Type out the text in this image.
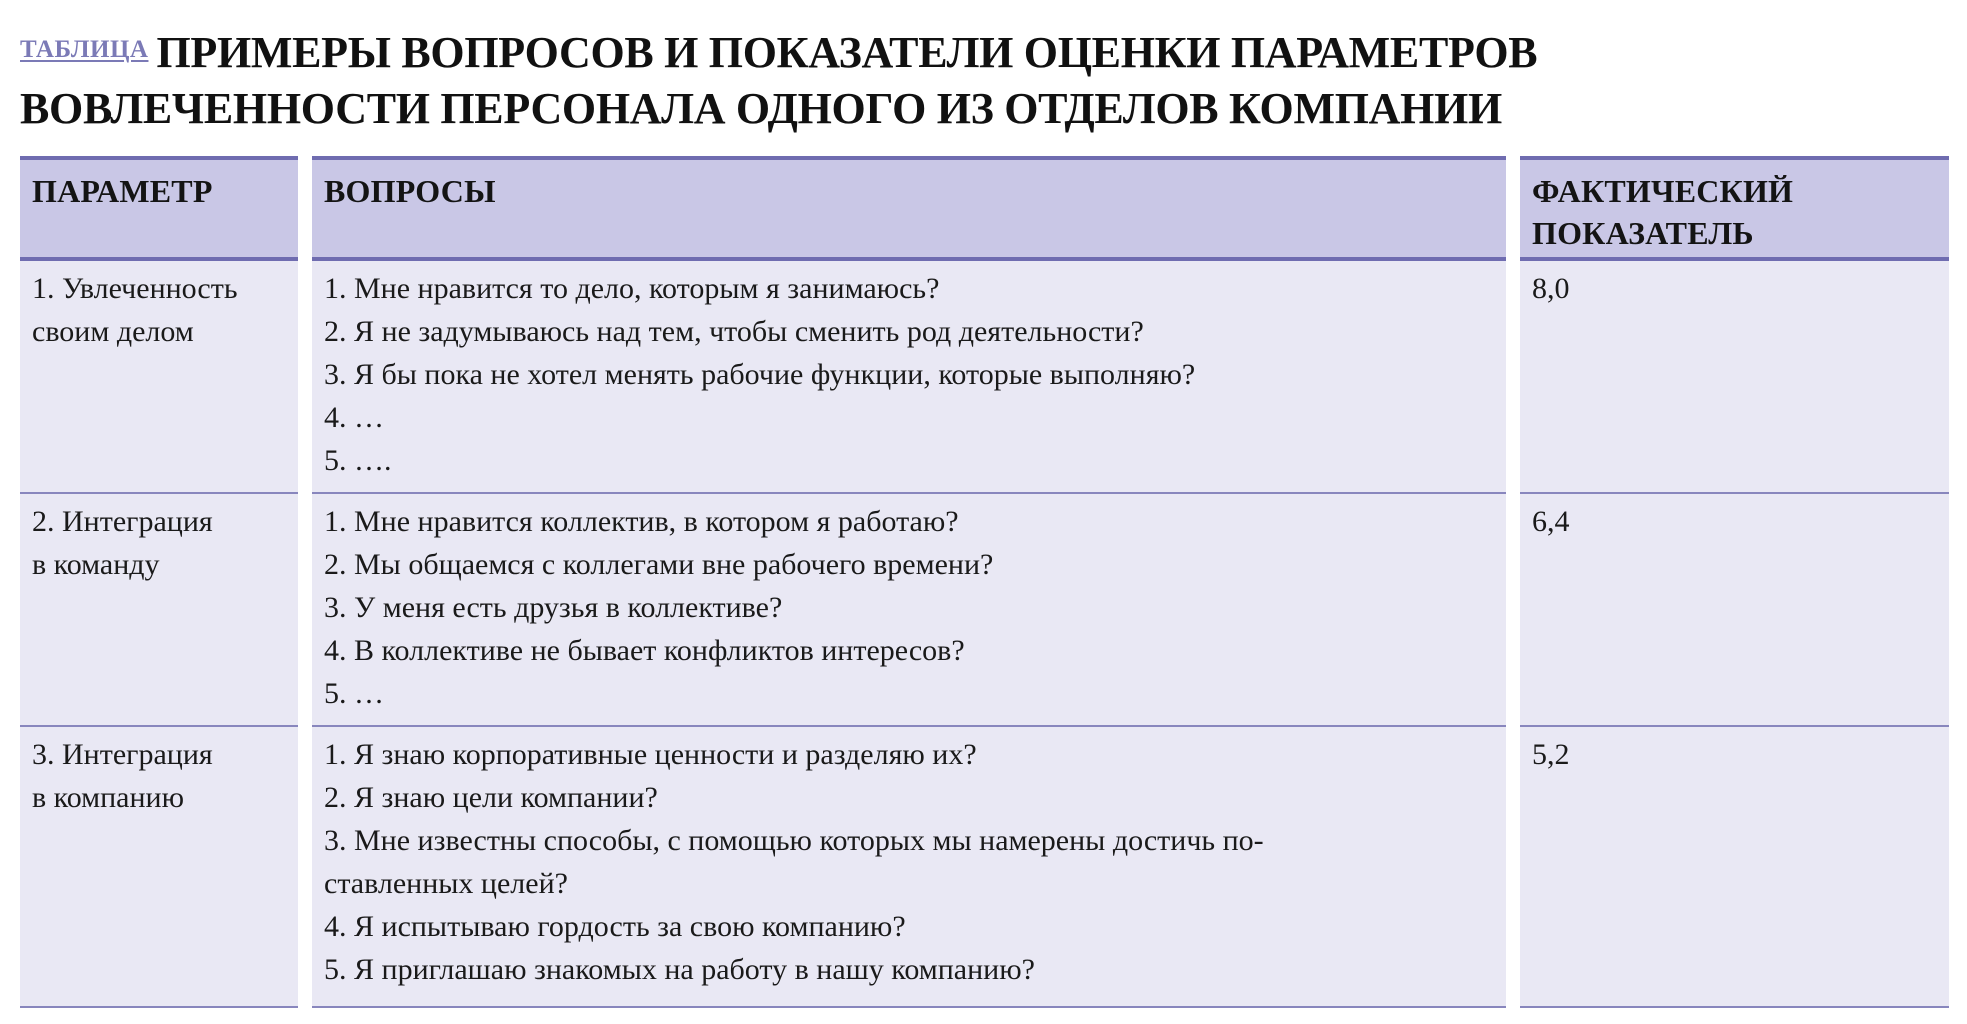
$^{ТАБЛИЦА}$ ПРИМЕРЫ ВОПРОСОВ И ПОКАЗАТЕЛИ ОЦЕНКИ ПАРАМЕТРОВ
ВОВЛЕЧЕННОСТИ ПЕРСОНАЛА ОДНОГО ИЗ ОТДЕЛОВ КОМПАНИИ
ПАРАМЕТР
1. Увлеченность
своим делом
2. Интеграция
в команду
3. Интеграция
в компанию
ВОПРОСЫ
1. Мне нравится то дело, которым я занимаюсь?
2. Я не задумываюсь над тем, чтобы сменить род деятельности?
3. Я бы пока не хотел менять рабочие функции, которые выполняю?
4. …
5. ….
1. Мне нравится коллектив, в котором я работаю?
2. Мы общаемся с коллегами вне рабочего времени?
3. У меня есть друзья в коллективе?
4. В коллективе не бывает конфликтов интересов?
5. …
1. Я знаю корпоративные ценности и разделяю их?
2. Я знаю цели компании?
3. Мне известны способы, с помощью которых мы намерены достичь по-
ставленных целей?
4. Я испытываю гордость за свою компанию?
5. Я приглашаю знакомых на работу в нашу компанию?
ФАКТИЧЕСКИЙ
ПОКАЗАТЕЛЬ
8,0
6,4
5,2
